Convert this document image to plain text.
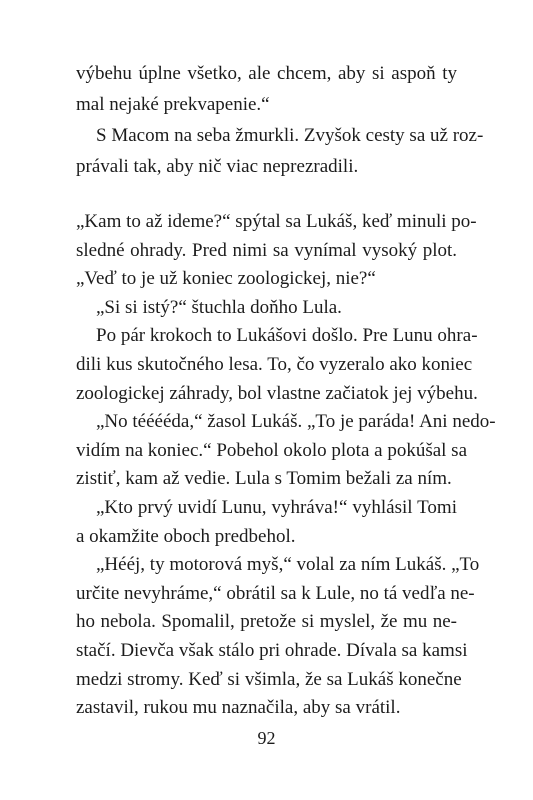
92
výbehu úplne všetko, ale chcem, aby si aspoň ty
mal nejaké prekvapenie.“
S Macom na seba žmurkli. Zvyšok cesty sa už roz-
právali tak, aby nič viac neprezradili.
„Kam to až ideme?“ spýtal sa Lukáš, keď minuli po-
sledné ohrady. Pred nimi sa vynímal vysoký plot.
„Veď to je už koniec zoologickej, nie?“
„Si si istý?“ štuchla doňho Lula.
Po pár krokoch to Lukášovi došlo. Pre Lunu ohra-
dili kus skutočného lesa. To, čo vyzeralo ako koniec
zoologickej záhrady, bol vlastne začiatok jej výbehu.
„No tééééda,“ žasol Lukáš. „To je paráda! Ani nedo-
vidím na koniec.“ Pobehol okolo plota a pokúšal sa
zistiť, kam až vedie. Lula s Tomim bežali za ním.
„Kto prvý uvidí Lunu, vyhráva!“ vyhlásil Tomi
a okamžite oboch predbehol.
„Hééj, ty motorová myš,“ volal za ním Lukáš. „To
určite nevyhráme,“ obrátil sa k Lule, no tá vedľa ne-
ho nebola. Spomalil, pretože si myslel, že mu ne-
stačí. Dievča však stálo pri ohrade. Dívala sa kamsi
medzi stromy. Keď si všimla, že sa Lukáš konečne
zastavil, rukou mu naznačila, aby sa vrátil.
